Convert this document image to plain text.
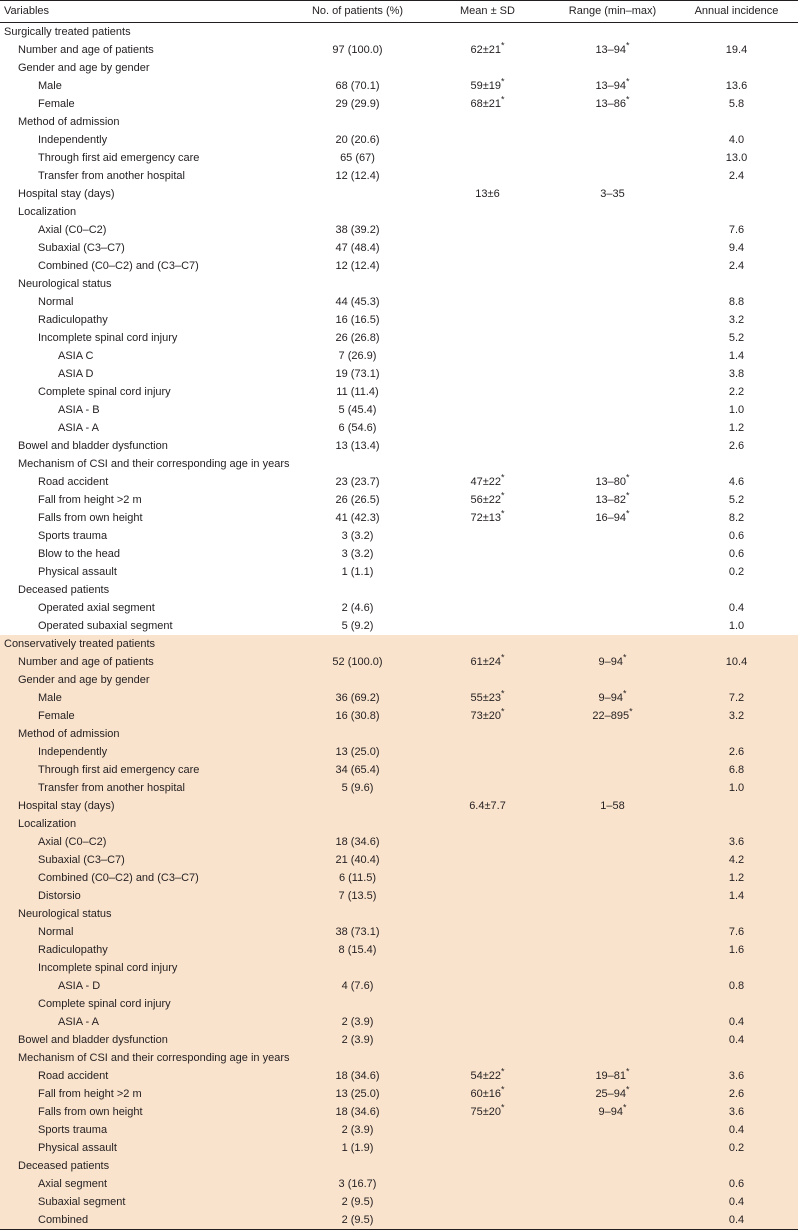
Variables	No. of patients (%)	Mean ± SD	Range (min–max)	Annual incidence
Surgically treated patients				
Number and age of patients	97 (100.0)	62±21*	13–94*	19.4
Gender and age by gender				
Male	68 (70.1)	59±19*	13–94*	13.6
Female	29 (29.9)	68±21*	13–86*	5.8
Method of admission				
Independently	20 (20.6)			4.0
Through first aid emergency care	65 (67)			13.0
Transfer from another hospital	12 (12.4)			2.4
Hospital stay (days)		13±6	3–35	
Localization				
Axial (C0–C2)	38 (39.2)			7.6
Subaxial (C3–C7)	47 (48.4)			9.4
Combined (C0–C2) and (C3–C7)	12 (12.4)			2.4
Neurological status				
Normal	44 (45.3)			8.8
Radiculopathy	16 (16.5)			3.2
Incomplete spinal cord injury	26 (26.8)			5.2
ASIA C	7 (26.9)			1.4
ASIA D	19 (73.1)			3.8
Complete spinal cord injury	11 (11.4)			2.2
ASIA - B	5 (45.4)			1.0
ASIA - A	6 (54.6)			1.2
Bowel and bladder dysfunction	13 (13.4)			2.6
Mechanism of CSI and their corresponding age in years				
Road accident	23 (23.7)	47±22*	13–80*	4.6
Fall from height >2 m	26 (26.5)	56±22*	13–82*	5.2
Falls from own height	41 (42.3)	72±13*	16–94*	8.2
Sports trauma	3 (3.2)			0.6
Blow to the head	3 (3.2)			0.6
Physical assault	1 (1.1)			0.2
Deceased patients				
Operated axial segment	2 (4.6)			0.4
Operated subaxial segment	5 (9.2)			1.0
Conservatively treated patients				
Number and age of patients	52 (100.0)	61±24*	9–94*	10.4
Gender and age by gender				
Male	36 (69.2)	55±23*	9–94*	7.2
Female	16 (30.8)	73±20*	22–895*	3.2
Method of admission				
Independently	13 (25.0)			2.6
Through first aid emergency care	34 (65.4)			6.8
Transfer from another hospital	5 (9.6)			1.0
Hospital stay (days)		6.4±7.7	1–58	
Localization				
Axial (C0–C2)	18 (34.6)			3.6
Subaxial (C3–C7)	21 (40.4)			4.2
Combined (C0–C2) and (C3–C7)	6 (11.5)			1.2
Distorsio	7 (13.5)			1.4
Neurological status				
Normal	38 (73.1)			7.6
Radiculopathy	8 (15.4)			1.6
Incomplete spinal cord injury				
ASIA - D	4 (7.6)			0.8
Complete spinal cord injury				
ASIA - A	2 (3.9)			0.4
Bowel and bladder dysfunction	2 (3.9)			0.4
Mechanism of CSI and their corresponding age in years				
Road accident	18 (34.6)	54±22*	19–81*	3.6
Fall from height >2 m	13 (25.0)	60±16*	25–94*	2.6
Falls from own height	18 (34.6)	75±20*	9–94*	3.6
Sports trauma	2 (3.9)			0.4
Physical assault	1 (1.9)			0.2
Deceased patients				
Axial segment	3 (16.7)			0.6
Subaxial segment	2 (9.5)			0.4
Combined	2 (9.5)			0.4
